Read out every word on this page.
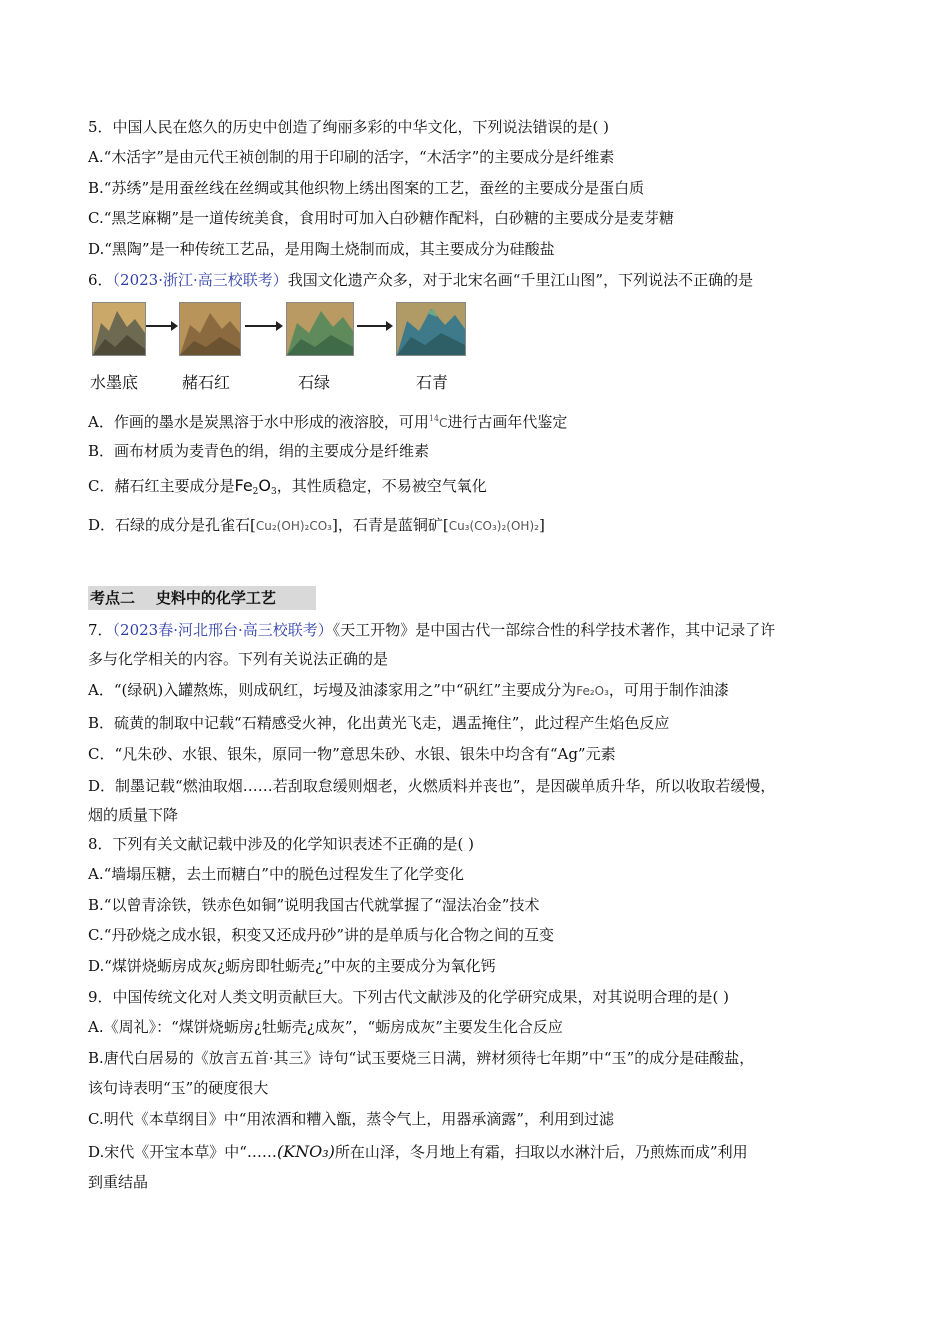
5．中国人民在悠久的历史中创造了绚丽多彩的中华文化，下列说法错误的是( )
A.“木活字”是由元代王祯创制的用于印刷的活字，“木活字”的主要成分是纤维素
B.“苏绣”是用蚕丝线在丝绸或其他织物上绣出图案的工艺，蚕丝的主要成分是蛋白质
C.“黑芝麻糊”是一道传统美食，食用时可加入白砂糖作配料，白砂糖的主要成分是麦芽糖
D.“黑陶”是一种传统工艺品，是用陶土烧制而成，其主要成分为硅酸盐
6．（2023·浙江·高三校联考）我国文化遗产众多，对于北宋名画“千里江山图”，下列说法不正确的是
水墨底	赭石红	石绿	石青
A．作画的墨水是炭黑溶于水中形成的液溶胶，可用$^{14}$C进行古画年代鉴定
B．画布材质为麦青色的绢，绢的主要成分是纤维素
C．赭石红主要成分是$Fe_2O_3$，其性质稳定，不易被空气氧化
D．石绿的成分是孔雀石[Cu₂(OH)₂CO₃]，石青是蓝铜矿[Cu₃(CO₃)₂(OH)₂]
考点二    史料中的化学工艺
7．（2023春·河北邢台·高三校联考）《天工开物》是中国古代一部综合性的科学技术著作，其中记录了许
多与化学相关的内容。下列有关说法正确的是
A．“(绿矾)入罐熬炼，则成矾红，圬墁及油漆家用之”中“矾红”主要成分为Fe₂O₃，可用于制作油漆
B．硫黄的制取中记载“石精感受火神，化出黄光飞走，遇盂掩住”，此过程产生焰色反应
C．“凡朱砂、水银、银朱，原同一物”意思朱砂、水银、银朱中均含有“Ag”元素
D．制墨记载“燃油取烟……若刮取怠缓则烟老，火燃质料并丧也”，是因碳单质升华，所以收取若缓慢，
烟的质量下降
8．下列有关文献记载中涉及的化学知识表述不正确的是( )
A.“墙塌压糖，去土而糖白”中的脱色过程发生了化学变化
B.“以曾青涂铁，铁赤色如铜”说明我国古代就掌握了“湿法冶金”技术
C.“丹砂烧之成水银，积变又还成丹砂”讲的是单质与化合物之间的互变
D.“煤饼烧蛎房成灰¿蛎房即牡蛎壳¿”中灰的主要成分为氧化钙
9．中国传统文化对人类文明贡献巨大。下列古代文献涉及的化学研究成果，对其说明合理的是( )
A.《周礼》：“煤饼烧蛎房¿牡蛎壳¿成灰”，“蛎房成灰”主要发生化合反应
B.唐代白居易的《放言五首·其三》诗句“试玉要烧三日满，辨材须待七年期”中“玉”的成分是硅酸盐，
该句诗表明“玉”的硬度很大
C.明代《本草纲目》中“用浓酒和糟入甑，蒸令气上，用器承滴露”，利用到过滤
D.宋代《开宝本草》中“……(KNO₃)所在山泽，冬月地上有霜，扫取以水淋汁后，乃煎炼而成”利用
到重结晶
